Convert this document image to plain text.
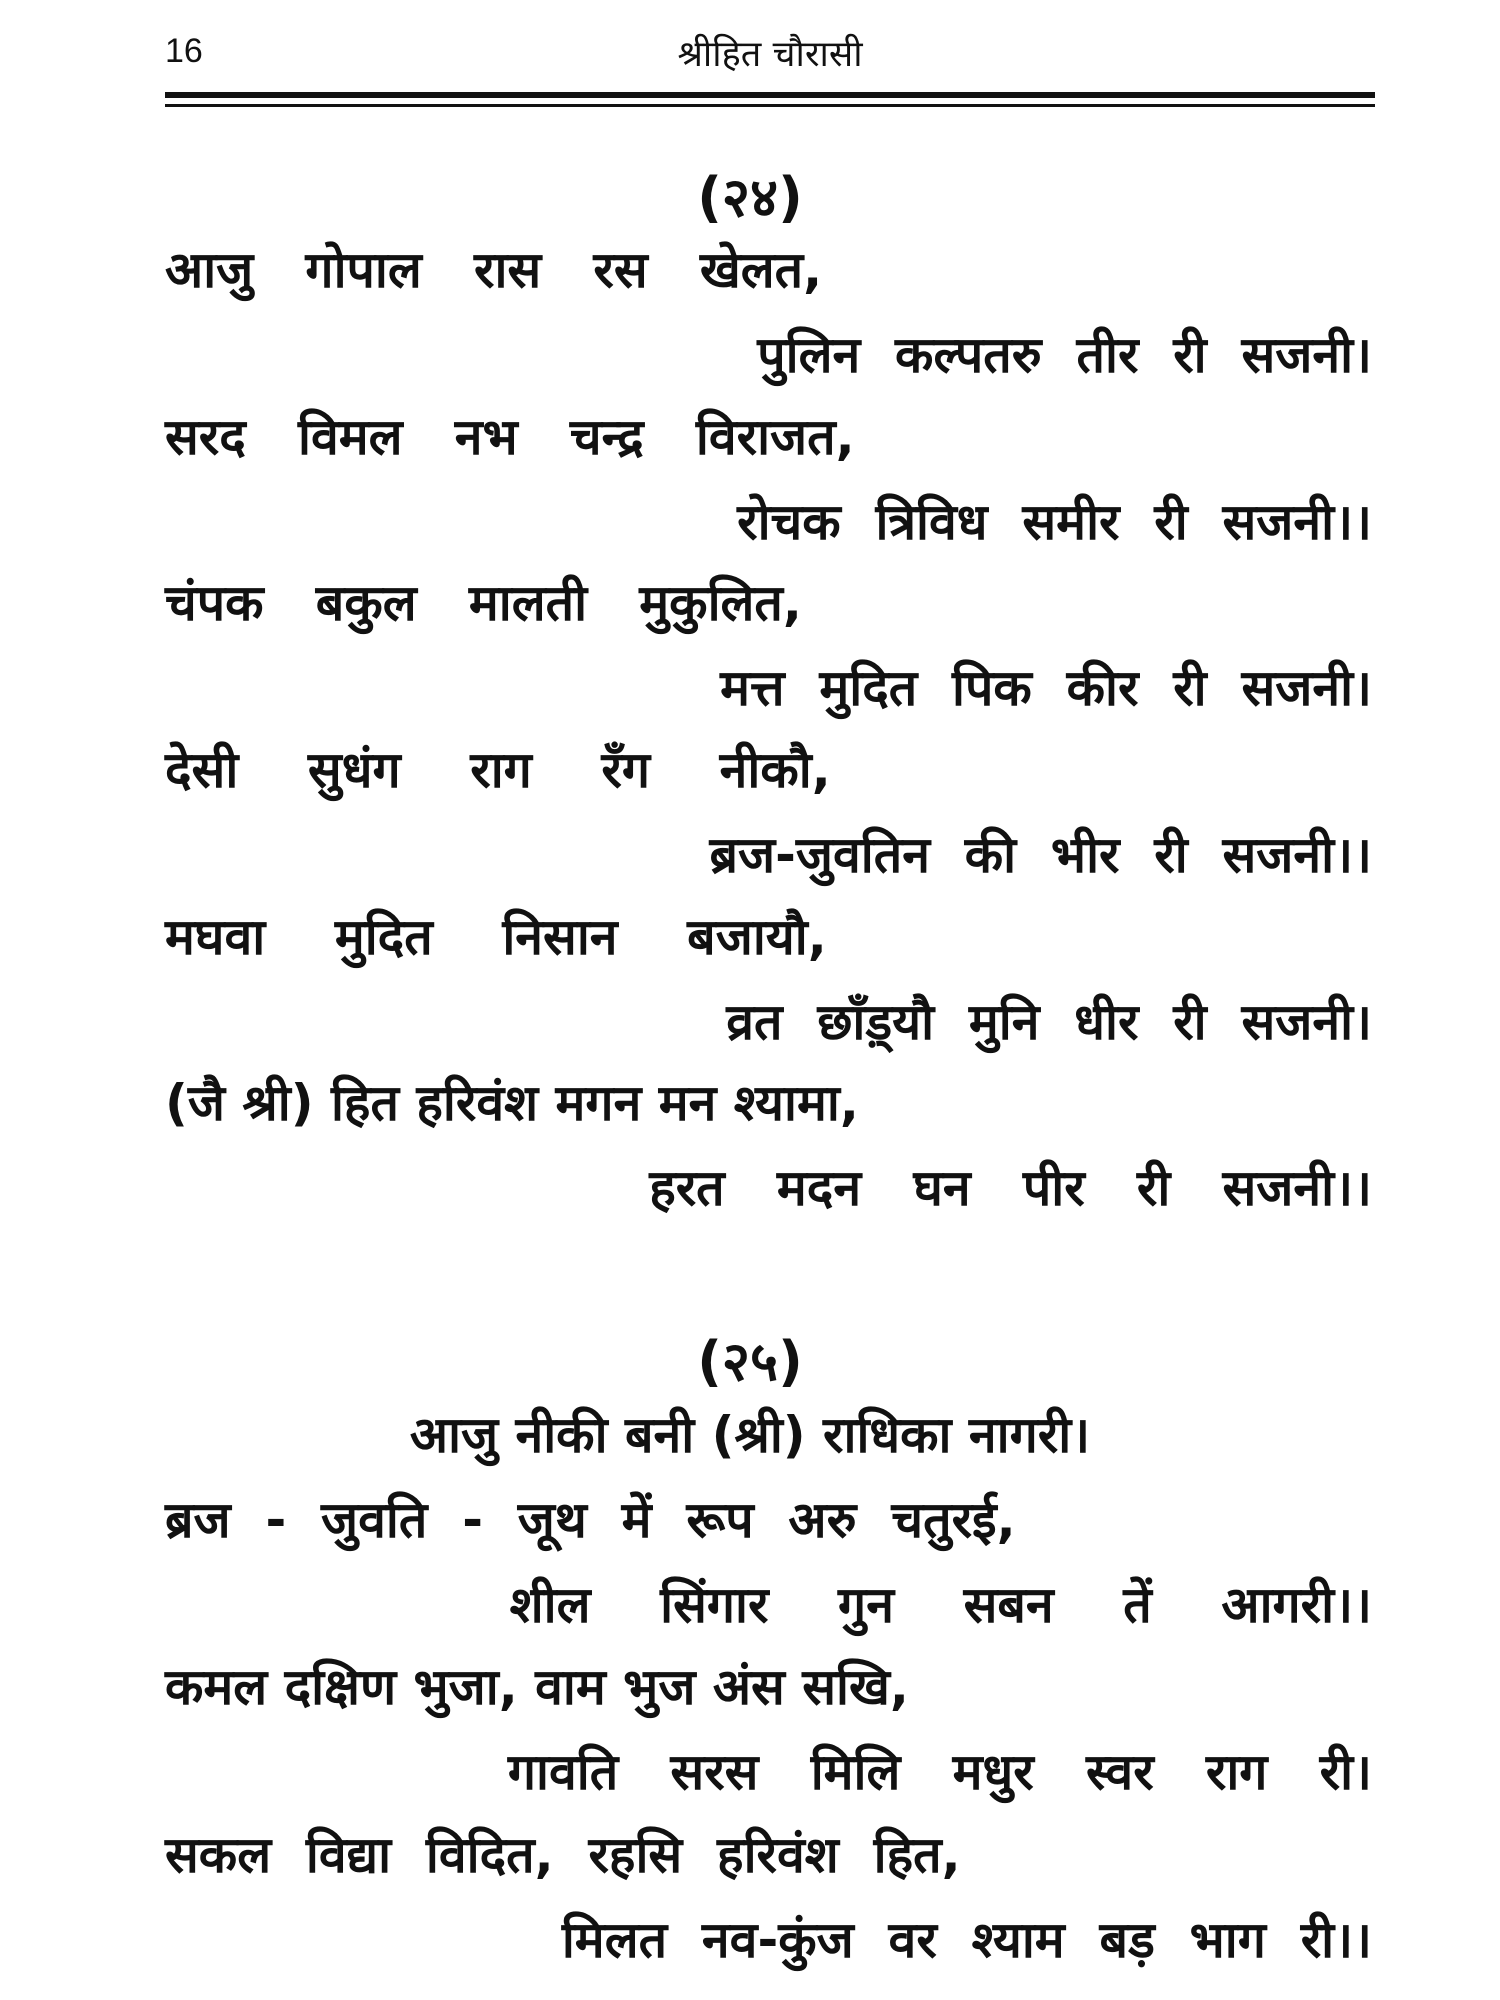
16	श्रीहित चौरासी
(२४)
आजु   गोपाल   रास   रस   खेलत,
पुलिन  कल्पतरु  तीर  री  सजनी।
सरद   विमल   नभ   चन्द्र   विराजत,
रोचक  त्रिविध  समीर  री  सजनी।।
चंपक   बकुल   मालती   मुकुलित,
मत्त  मुदित  पिक  कीर  री  सजनी।
देसी    सुधंग    राग    रँग    नीकौ,
ब्रज-जुवतिन  की  भीर  री  सजनी।।
मघवा    मुदित    निसान    बजायौ,
व्रत  छाँड़्यौ  मुनि  धीर  री  सजनी।
(जै श्री) हित हरिवंश मगन मन श्यामा,
हरत   मदन   घन   पीर   री   सजनी।।
(२५)
आजु नीकी बनी (श्री) राधिका नागरी।
ब्रज  -  जुवति  -  जूथ  में  रूप  अरु  चतुरई,
शील    सिंगार    गुन    सबन    तें    आगरी।।
कमल दक्षिण भुजा, वाम भुज अंस सखि,
गावति   सरस   मिलि   मधुर   स्वर   राग   री।
सकल  विद्या  विदित,  रहसि  हरिवंश  हित,
मिलत  नव-कुंज  वर  श्याम  बड़  भाग  री।।
